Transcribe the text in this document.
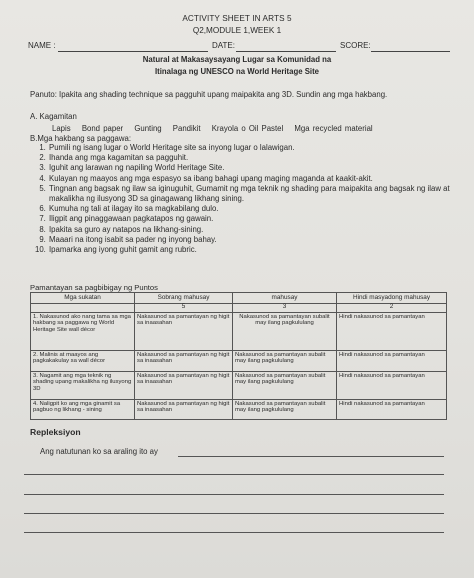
ACTIVITY SHEET IN ARTS 5
Q2,MODULE 1,WEEK 1
NAME :	DATE:	SCORE:
Natural at Makasaysayang Lugar sa Komunidad na
Itinalaga ng UNESCO na World Heritage Site
Panuto: Ipakita ang shading technique sa pagguhit upang maipakita ang 3D. Sundin ang mga hakbang.
A. Kagamitan
Lapis Bond paper Gunting Pandikit Krayola o Oil Pastel Mga recycled material
B.Mga hakbang sa paggawa:
1. Pumili ng isang lugar o World Heritage site sa inyong lugar o lalawigan.
2. Ihanda ang mga kagamitan sa pagguhit.
3. Iguhit ang larawan ng napiling World Heritage Site.
4. Kulayan ng maayos ang mga espasyo sa ibang bahagi upang maging maganda at kaakit-akit.
5. Tingnan ang bagsak ng ilaw sa iginuguhit, Gumamit ng mga teknik ng shading para maipakita ang bagsak ng ilaw at makalikha ng ilusyong 3D sa ginagawang likhang sining.
6. Kumuha ng tali at ilagay ito sa magkabilang dulo.
7. Iligpit ang pinaggawaan pagkatapos ng gawain.
8. Ipakita sa guro ay natapos na likhang-sining.
9. Maaari na itong isabit sa pader ng inyong bahay.
10. Ipamarka ang iyong guhit gamit ang rubric.
Pamantayan sa pagbibigay ng Puntos
Mga sukatan	Sobrang mahusay	mahusay	Hindi masyadong mahusay
	5	3	2
1. Nakasunod ako nang tama sa mga hakbang sa paggawa ng World Heritage Site wall décor	Nakasunod sa pamantayan ng higit sa inaasahan	Nakasunod sa pamantayan subalit may ilang pagkululang	Hindi nakasunod sa pamantayan
2. Malinis at maayos ang pagkakakulay sa wall décor	Nakasunod sa pamantayan ng higit sa inaasahan	Nakasunod sa pamantayan subalit may ilang pagkululang	Hindi nakasunod sa pamantayan
3. Nagamit ang mga teknik ng shading upang makalikha ng ilusyong 3D	Nakasunod sa pamantayan ng higit sa inaasahan	Nakasunod sa pamantayan subalit may ilang pagkululang	Hindi nakasunod sa pamantayan
4. Naligpit ko ang mga ginamit sa pagbuo ng likhang - sining	Nakasunod sa pamantayan ng higit sa inaasahan	Nakasunod sa pamantayan subalit may ilang pagkululang	Hindi nakasunod sa pamantayan
Repleksiyon
Ang natutunan ko sa araling ito ay
